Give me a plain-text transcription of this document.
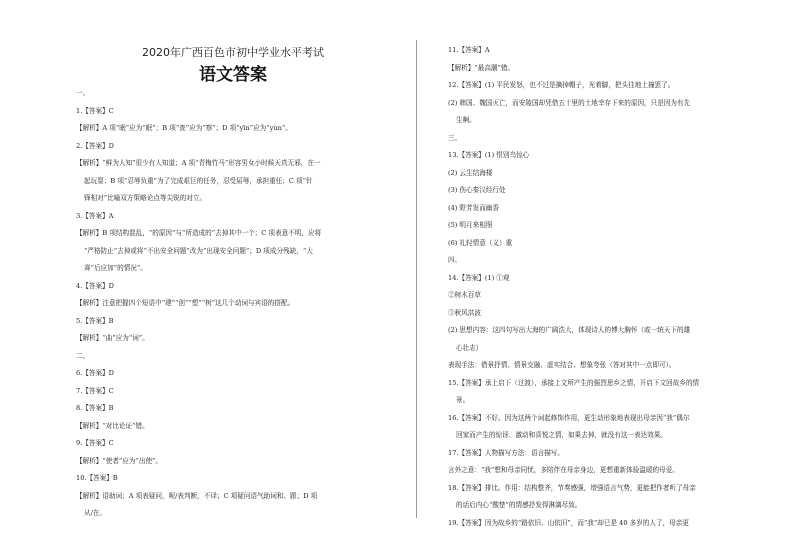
2020年广西百色市初中学业水平考试
语文答案
一、
1.【答案】C
【解析】A 项“眠”应为“眠”；B 项“查”应为“察”；D 项“yīn”应为“yùn”。
2.【答案】D
【解析】“鲜为人知”很少有人知道；A 项“青梅竹马”形容男女小时候天真无邪，在一
起玩耍；B 项“忍辱负重”为了完成艰巨的任务，忍受屈辱，承担重任；C 项“针
锋相对”比喻双方策略论点等尖锐的对立。
3.【答案】A
【解析】B 项结构混乱，“的原因”与“所造成的”去掉其中一个；C 项表意不明，应将
“严格防止”去掉或将“不出安全问题”改为“出现安全问题”；D 项成分残缺，“大
赛”后应加“的情况”。
4.【答案】D
【解析】注意把握四个短语中“建”“创”“塑”“树”这几个动词与宾语的搭配。
5.【答案】B
【解析】“曲”应为“词”。
二、
6.【答案】D
7.【答案】C
8.【答案】B
【解析】“对比论证”错。
9.【答案】C
【解析】“使者”应为“出使”。
10.【答案】B
【解析】语助词；A 项表疑问，呢/表判断，不译；C 项疑问语气助词和、跟；D 项
从/在。
11.【答案】A
【解析】“最高潮”错。
12.【答案】(1) 平民发怒，也不过是摘掉帽子，光着脚，把头往地上撞罢了。
(2) 韩国、魏国灭亡，而安陵国却凭借五十里的土地幸存下来的原因，只是因为有先
生啊。
三、
13.【答案】(1) 恨别鸟惊心
(2) 云生结海楼
(3) 伤心秦汉经行处
(4) 野芳发而幽香
(5) 明月来相照
(6) 礼轻情意（义）重
四、
14.【答案】(1) ①观
②树木百草
③秋风洪波
(2) 思想内容：这四句写出大海的广阔浩大，体现诗人的博大胸怀（或一统天下的雄
心壮志）
表现手法：借景抒情、情景交融、虚实结合、想象夸张（答对其中一点即可）。
15.【答案】承上启下（过渡），承接上文所产生的强烈思乡之情，开启下文回故乡的情
景。
16.【答案】不好。因为这两个词起修饰作用，更生动形象地表现出母亲因“我”偶尔
回家而产生的惊讶、激动和喜悦之情，如果去掉，就没有这一表达效果。
17.【答案】人物描写方法：语言描写。
言外之意：“我”想和母亲同忧，多陪伴在母亲身边，更想重新体验温暖的母爱。
18.【答案】排比。作用：结构整齐，节奏感强，增强语言气势，更能把作者听了母亲
的话后内心“酸楚”的情感抒发得淋漓尽致。
19.【答案】因为故乡的“路依旧、山依旧”，而“我”却已是 40 多岁的人了，母亲更
